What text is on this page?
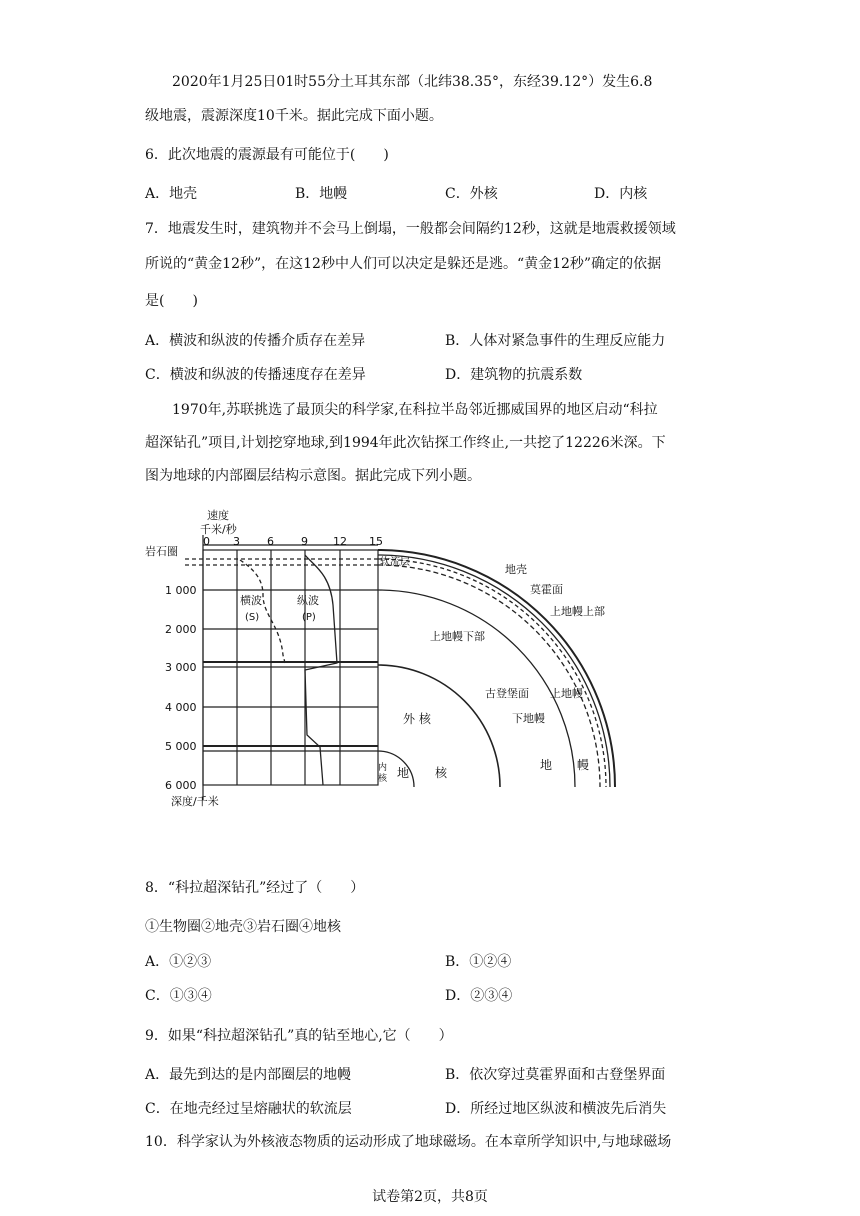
2020年1月25日01时55分土耳其东部（北纬38.35°，东经39.12°）发生6.8
级地震，震源深度10千米。据此完成下面小题。
6．此次地震的震源最有可能位于(　　)
A．地壳	B．地幔	C．外核	D．内核
7．地震发生时，建筑物并不会马上倒塌，一般都会间隔约12秒，这就是地震救援领域
所说的“黄金12秒”，在这12秒中人们可以决定是躲还是逃。“黄金12秒”确定的依据
是(　　)
A．横波和纵波的传播介质存在差异	B．人体对紧急事件的生理反应能力
C．横波和纵波的传播速度存在差异	D．建筑物的抗震系数
1970年,苏联挑选了最顶尖的科学家,在科拉半岛邻近挪威国界的地区启动“科拉
超深钻孔”项目,计划挖穿地球,到1994年此次钻探工作终止,一共挖了12226米深。下
图为地球的内部圈层结构示意图。据此完成下列小题。
速度
千米/秒
0 3 6 9 12 15
岩石圈
1 000
2 000
3 000
4 000
5 000
6 000
深度/千米
横波
(S)
纵波
(P)
软流层
地壳
莫霍面
上地幔上部
上地幔下部
古登堡面 上地幔
下地幔
外 核
内
核 地 核
地 幔
8．“科拉超深钻孔”经过了（　　）
①生物圈②地壳③岩石圈④地核
A．①②③	B．①②④
C．①③④	D．②③④
9．如果“科拉超深钻孔”真的钻至地心,它（　　）
A．最先到达的是内部圈层的地幔	B．依次穿过莫霍界面和古登堡界面
C．在地壳经过呈熔融状的软流层	D．所经过地区纵波和横波先后消失
10．科学家认为外核液态物质的运动形成了地球磁场。在本章所学知识中,与地球磁场
试卷第2页，共8页
